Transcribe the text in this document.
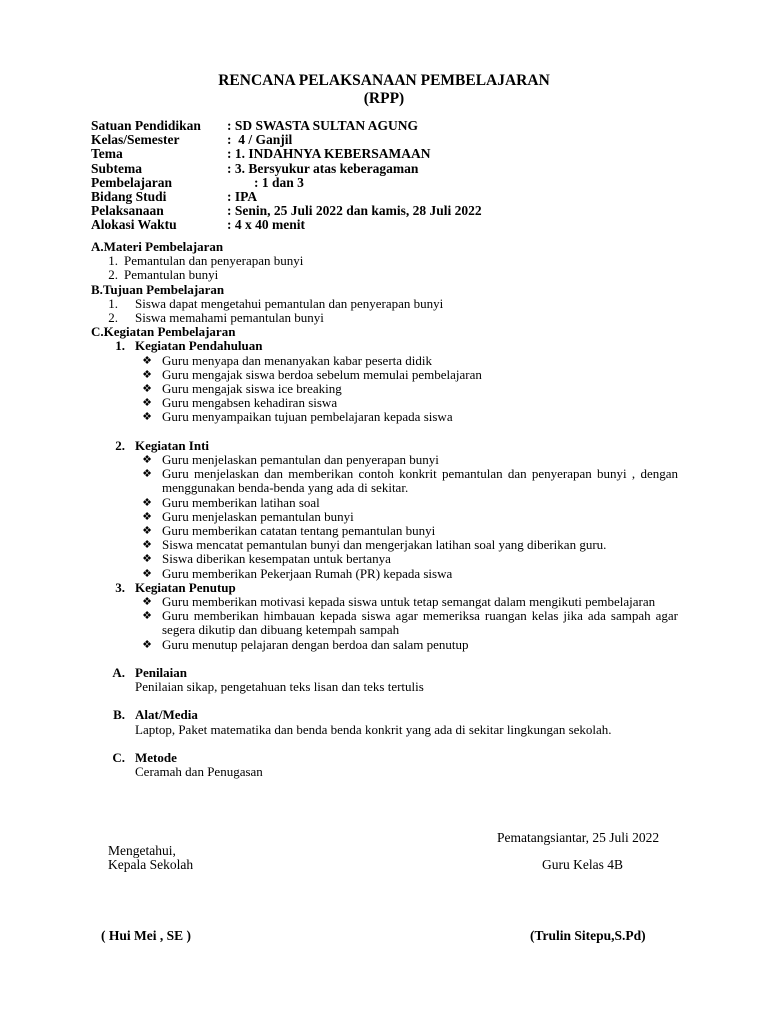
RENCANA PELAKSANAAN PEMBELAJARAN
(RPP)
Satuan Pendidikan	: SD SWASTA SULTAN AGUNG
Kelas/Semester	:  4 / Ganjil
Tema	: 1. INDAHNYA KEBERSAMAAN
Subtema	: 3. Bersyukur atas keberagaman
Pembelajaran	: 1 dan 3
Bidang Studi	: IPA
Pelaksanaan	: Senin, 25 Juli 2022 dan kamis, 28 Juli 2022
Alokasi Waktu	: 4 x 40 menit
A.Materi Pembelajaran
1. Pemantulan dan penyerapan bunyi
2. Pemantulan bunyi
B.Tujuan Pembelajaran
1.	Siswa dapat mengetahui pemantulan dan penyerapan bunyi
2.	Siswa memahami pemantulan bunyi
C.Kegiatan Pembelajaran
1. Kegiatan Pendahuluan
❖ Guru menyapa dan menanyakan kabar peserta didik
❖ Guru mengajak siswa berdoa sebelum memulai pembelajaran
❖ Guru mengajak siswa ice breaking
❖ Guru mengabsen kehadiran siswa
❖ Guru menyampaikan tujuan pembelajaran kepada siswa
2. Kegiatan Inti
❖ Guru menjelaskan pemantulan dan penyerapan bunyi
❖ Guru menjelaskan dan memberikan contoh konkrit pemantulan dan penyerapan bunyi , dengan menggunakan benda-benda yang ada di sekitar.
❖ Guru memberikan latihan soal
❖ Guru menjelaskan pemantulan bunyi
❖ Guru memberikan catatan tentang pemantulan bunyi
❖ Siswa mencatat pemantulan bunyi dan mengerjakan latihan soal yang diberikan guru.
❖ Siswa diberikan kesempatan untuk bertanya
❖ Guru memberikan Pekerjaan Rumah (PR) kepada siswa
3. Kegiatan Penutup
❖ Guru memberikan motivasi kepada siswa untuk tetap semangat dalam mengikuti pembelajaran
❖ Guru memberikan himbauan kepada siswa agar memeriksa ruangan kelas jika ada sampah agar segera dikutip dan dibuang ketempah sampah
❖ Guru menutup pelajaran dengan berdoa dan salam penutup
A. Penilaian
Penilaian sikap, pengetahuan teks lisan dan teks tertulis
B. Alat/Media
Laptop, Paket matematika dan benda benda konkrit yang ada di sekitar lingkungan sekolah.
C. Metode
Ceramah dan Penugasan
Pematangsiantar, 25 Juli 2022
Mengetahui,
Kepala Sekolah	Guru Kelas 4B
( Hui Mei , SE )	(Trulin Sitepu,S.Pd)
